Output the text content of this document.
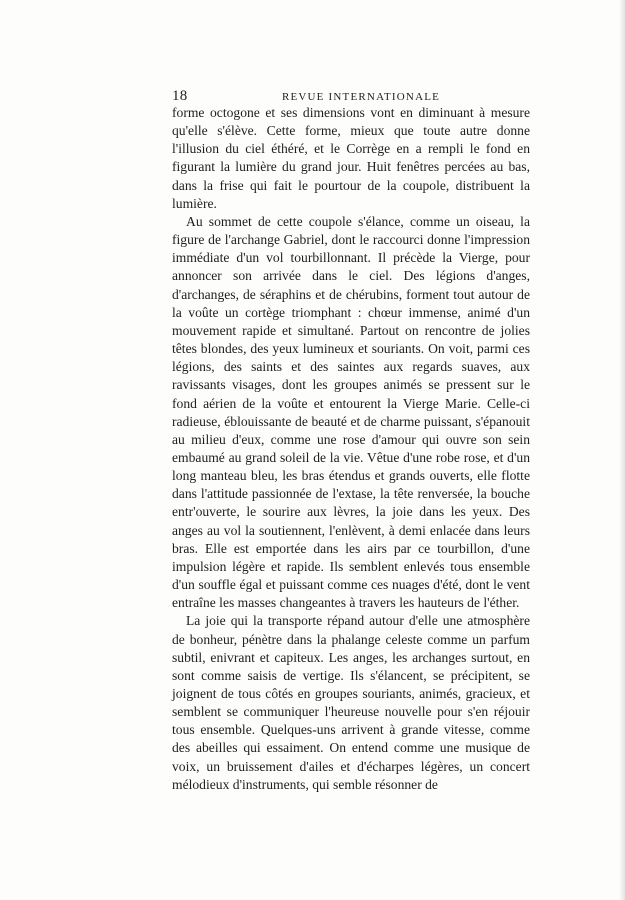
18	REVUE INTERNATIONALE

forme octogone et ses dimensions vont en diminuant à mesure qu'elle s'élève. Cette forme, mieux que toute autre donne l'illusion du ciel éthéré, et le Corrège en a rempli le fond en figurant la lumière du grand jour. Huit fenêtres percées au bas, dans la frise qui fait le pourtour de la coupole, distribuent la lumière.

Au sommet de cette coupole s'élance, comme un oiseau, la figure de l'archange Gabriel, dont le raccourci donne l'impression immédiate d'un vol tourbillonnant. Il précède la Vierge, pour annoncer son arrivée dans le ciel. Des légions d'anges, d'archanges, de séraphins et de chérubins, forment tout autour de la voûte un cortège triomphant : chœur immense, animé d'un mouvement rapide et simultané. Partout on rencontre de jolies têtes blondes, des yeux lumineux et souriants. On voit, parmi ces légions, des saints et des saintes aux regards suaves, aux ravissants visages, dont les groupes animés se pressent sur le fond aérien de la voûte et entourent la Vierge Marie. Celle-ci radieuse, éblouissante de beauté et de charme puissant, s'épanouit au milieu d'eux, comme une rose d'amour qui ouvre son sein embaumé au grand soleil de la vie. Vêtue d'une robe rose, et d'un long manteau bleu, les bras étendus et grands ouverts, elle flotte dans l'attitude passionnée de l'extase, la tête renversée, la bouche entr'ouverte, le sourire aux lèvres, la joie dans les yeux. Des anges au vol la soutiennent, l'enlèvent, à demi enlacée dans leurs bras. Elle est emportée dans les airs par ce tourbillon, d'une impulsion légère et rapide. Ils semblent enlevés tous ensemble d'un souffle égal et puissant comme ces nuages d'été, dont le vent entraîne les masses changeantes à travers les hauteurs de l'éther.

La joie qui la transporte répand autour d'elle une atmosphère de bonheur, pénètre dans la phalange celeste comme un parfum subtil, enivrant et capiteux. Les anges, les archanges surtout, en sont comme saisis de vertige. Ils s'élancent, se précipitent, se joignent de tous côtés en groupes souriants, animés, gracieux, et semblent se communiquer l'heureuse nouvelle pour s'en réjouir tous ensemble. Quelques-uns arrivent à grande vitesse, comme des abeilles qui essaiment. On entend comme une musique de voix, un bruissement d'ailes et d'écharpes légères, un concert mélodieux d'instruments, qui semble résonner de
